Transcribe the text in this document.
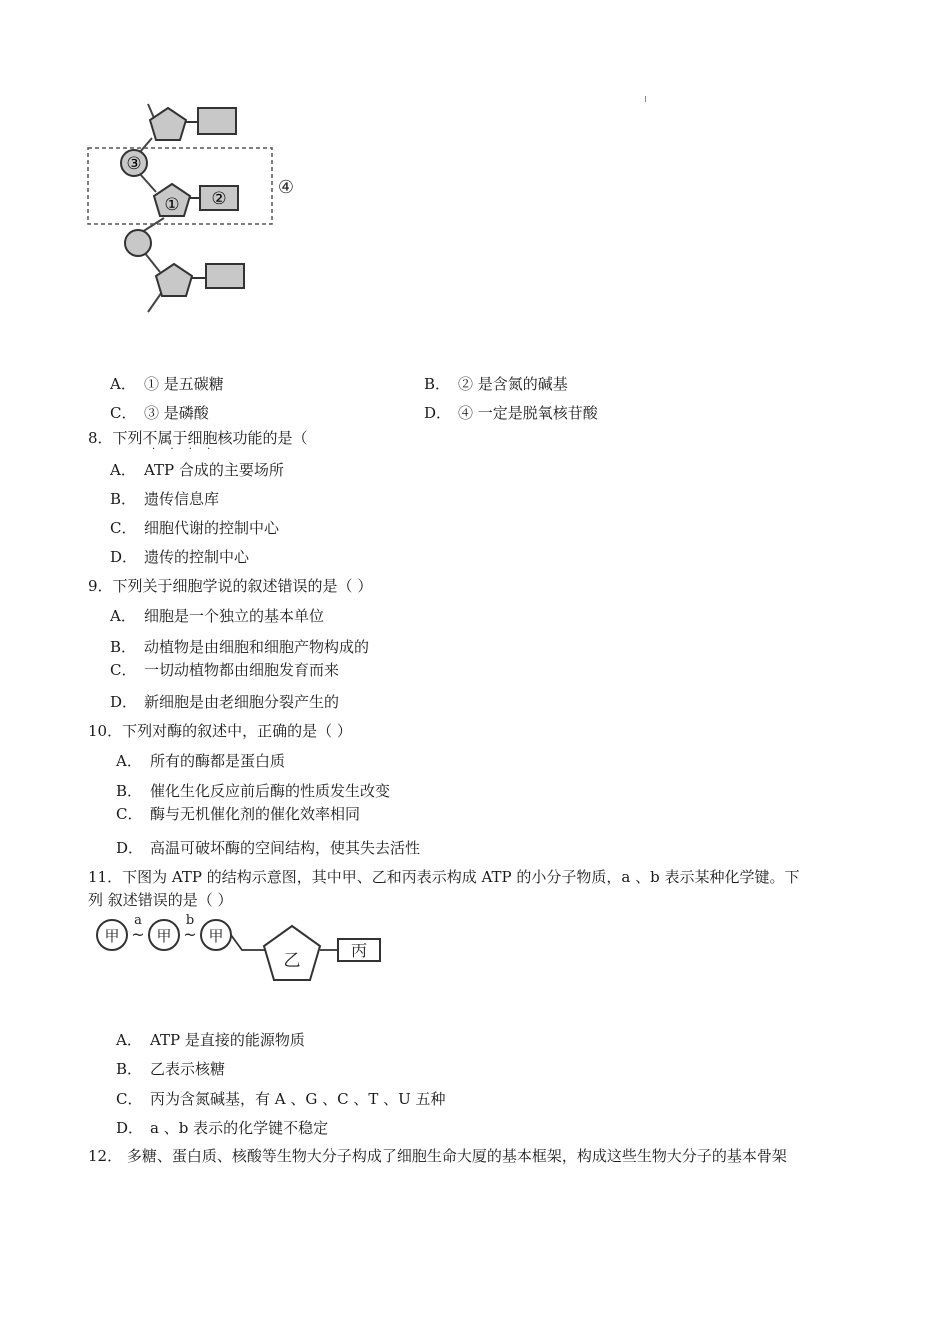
③
① ②
④
A． ① 是五碳糖	B． ② 是含氮的碱基
C． ③ 是磷酸	D． ④ 一定是脱氧核苷酸
8．下列不属于细胞核功能的是（
· · · ·
A． ATP 合成的主要场所
B． 遗传信息库
C． 细胞代谢的控制中心
D． 遗传的控制中心
9．下列关于细胞学说的叙述错误的是（ ）
A． 细胞是一个独立的基本单位
B． 动植物是由细胞和细胞产物构成的
C． 一切动植物都由细胞发育而来
D． 新细胞是由老细胞分裂产生的
10．下列对酶的叙述中，正确的是（ ）
A． 所有的酶都是蛋白质
B． 催化生化反应前后酶的性质发生改变
C． 酶与无机催化剂的催化效率相同
D． 高温可破坏酶的空间结构，使其失去活性
11．下图为 ATP 的结构示意图，其中甲、乙和丙表示构成 ATP 的小分子物质，a 、b 表示某种化学键。下
列 叙述错误的是（ ）
甲
a
~ 甲
b
~ 甲
乙
丙
A． ATP 是直接的能源物质
B． 乙表示核糖
C． 丙为含氮碱基，有 A 、G 、C 、T 、U 五种
D． a 、b 表示的化学键不稳定
12． 多糖、蛋白质、核酸等生物大分子构成了细胞生命大厦的基本框架，构成这些生物大分子的基本骨架
